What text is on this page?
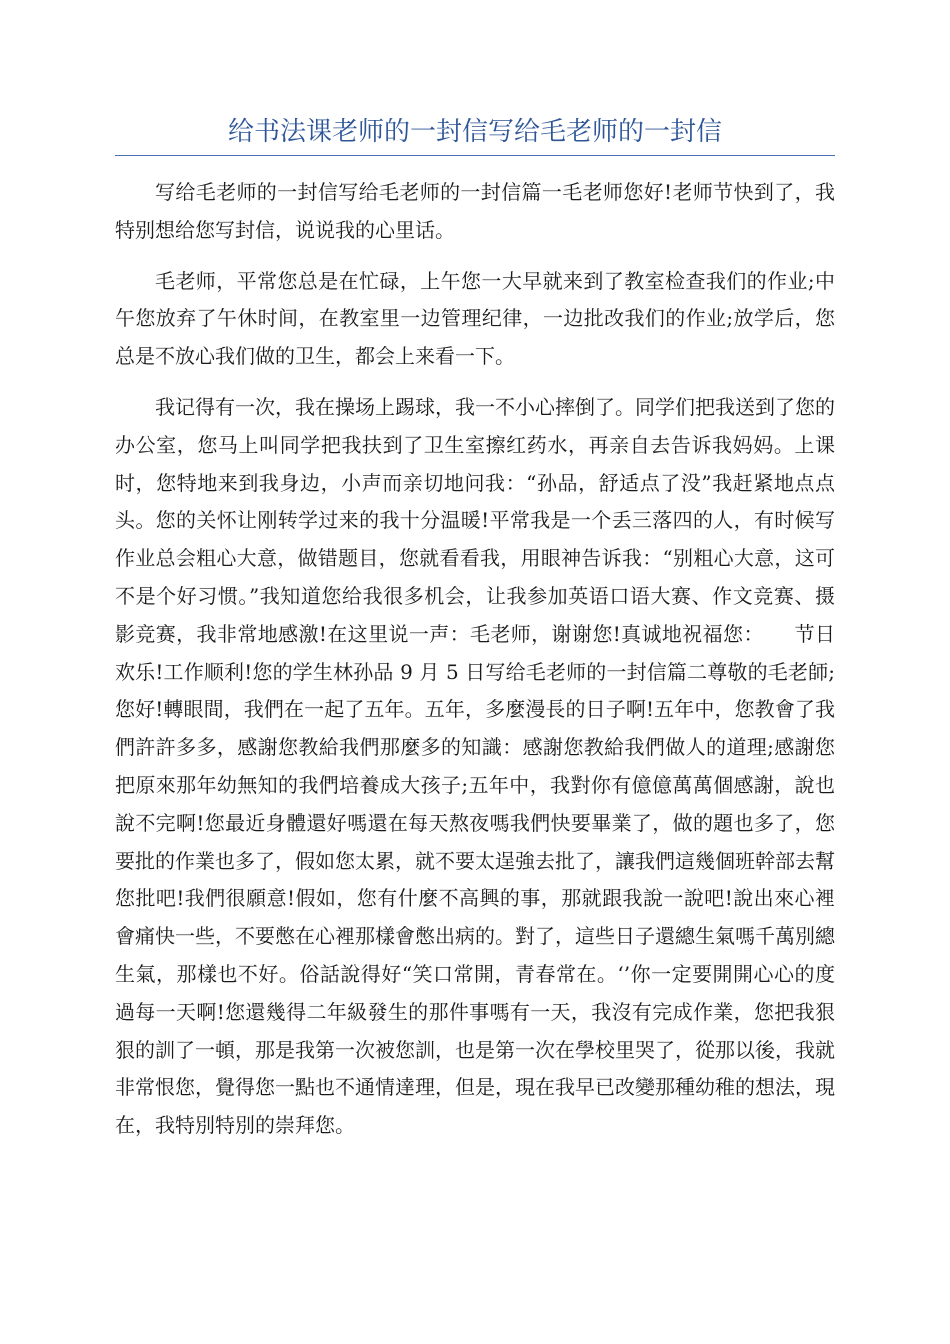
给书法课老师的一封信写给毛老师的一封信

写给毛老师的一封信写给毛老师的一封信篇一毛老师您好!老师节快到了，我特别想给您写封信，说说我的心里话。

毛老师，平常您总是在忙碌，上午您一大早就来到了教室检查我们的作业;中午您放弃了午休时间，在教室里一边管理纪律，一边批改我们的作业;放学后，您总是不放心我们做的卫生，都会上来看一下。

我记得有一次，我在操场上踢球，我一不小心摔倒了。同学们把我送到了您的办公室，您马上叫同学把我扶到了卫生室擦红药水，再亲自去告诉我妈妈。上课时，您特地来到我身边，小声而亲切地问我：“孙品，舒适点了没”我赶紧地点点头。您的关怀让刚转学过来的我十分温暖!平常我是一个丢三落四的人，有时候写作业总会粗心大意，做错题目，您就看看我，用眼神告诉我：“别粗心大意，这可不是个好习惯。”我知道您给我很多机会，让我参加英语口语大赛、作文竞赛、摄影竞赛，我非常地感激!在这里说一声：毛老师，谢谢您!真诚地祝福您：　　节日欢乐!工作顺利!您的学生林孙品 9 月 5 日写给毛老师的一封信篇二尊敬的毛老師;　您好!轉眼間，我們在一起了五年。五年，多麼漫長的日子啊!五年中，您教會了我們許許多多，感謝您教給我們那麼多的知識：感謝您教給我們做人的道理;感謝您把原來那年幼無知的我們培養成大孩子;五年中，我對你有億億萬萬個感謝，說也說不完啊!您最近身體還好嗎還在每天熬夜嗎我們快要畢業了，做的題也多了，您要批的作業也多了，假如您太累，就不要太逞強去批了，讓我們這幾個班幹部去幫您批吧!我們很願意!假如，您有什麼不高興的事，那就跟我說一說吧!說出來心裡會痛快一些，不要憋在心裡那樣會憋出病的。對了，這些日子還總生氣嗎千萬別總生氣，那樣也不好。俗話說得好“笑口常開，青春常在。‘’你一定要開開心心的度過每一天啊!您還幾得二年級發生的那件事嗎有一天，我沒有完成作業，您把我狠狠的訓了一頓，那是我第一次被您訓，也是第一次在學校里哭了，從那以後，我就非常恨您，覺得您一點也不通情達理，但是，現在我早已改變那種幼稚的想法，現在，我特別特別的崇拜您。
